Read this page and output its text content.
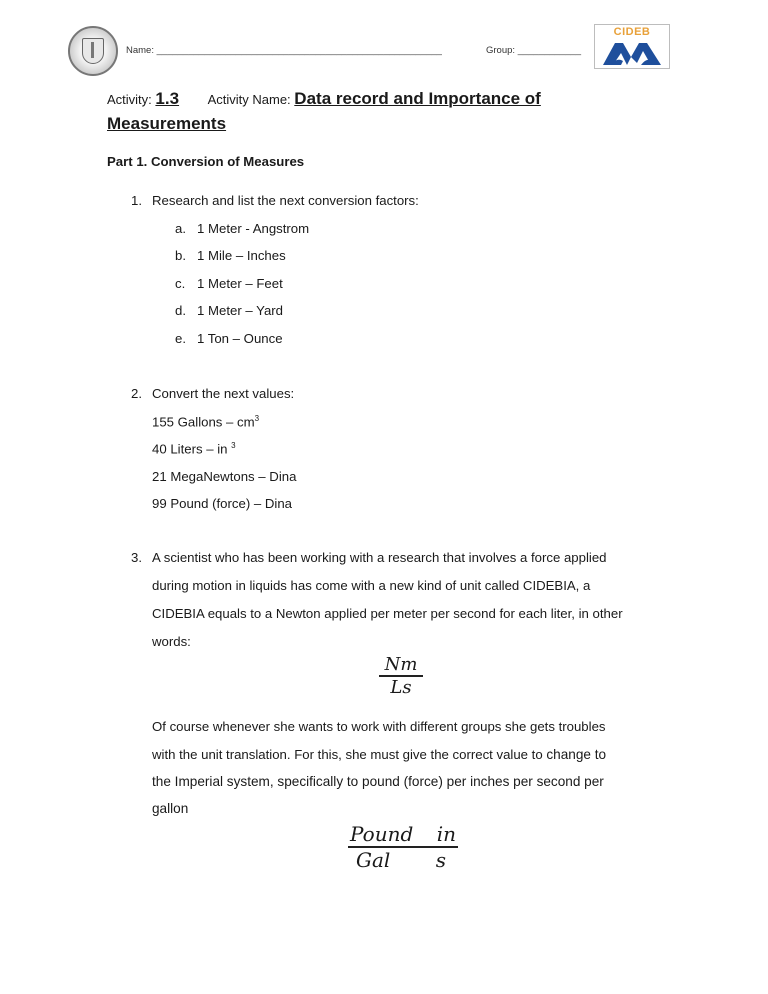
Name: ______________________________________________________	Group: ____________
CIDEB
Activity: 1.3 Activity Name: Data record and Importance of
Measurements
Part 1. Conversion of Measures
1. Research and list the next conversion factors:
a. 1 Meter - Angstrom
b. 1 Mile – Inches
c. 1 Meter – Feet
d. 1 Meter – Yard
e. 1 Ton – Ounce
2. Convert the next values:
155 Gallons – $cm^3$
40 Liters – in $^3$
21 MegaNewtons – Dina
99 Pound (force) – Dina
3. A scientist who has been working with a research that involves a force applied
during motion in liquids has come with a new kind of unit called CIDEBIA, a
CIDEBIA equals to a Newton applied per meter per second for each liter, in other
words:
Nm
Ls
Of course whenever she wants to work with different groups she gets troubles
with the unit translation. For this, she must give the correct value to change to
the Imperial system, specifically to pound (force) per inches per second per
gallon
Pound in
Gal s
